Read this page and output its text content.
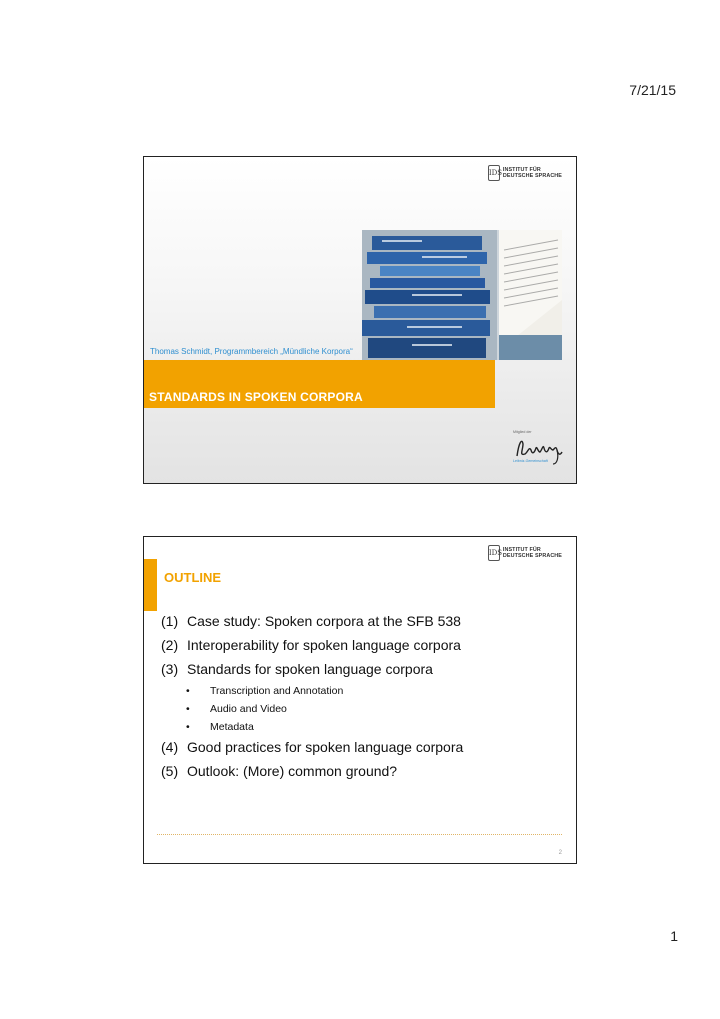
7/21/15
IDS INSTITUT FÜR
DEUTSCHE SPRACHE
Thomas Schmidt, Programmbereich „Mündliche Korpora“
STANDARDS IN SPOKEN CORPORA
Mitglied der
Leibniz-Gemeinschaft
IDS INSTITUT FÜR
DEUTSCHE SPRACHE
OUTLINE
(1) Case study: Spoken corpora at the SFB 538
(2) Interoperability for spoken language corpora
(3) Standards for spoken language corpora
•	Transcription and Annotation
•	Audio and Video
•	Metadata
(4) Good practices for spoken language corpora
(5) Outlook: (More) common ground?
2
1
